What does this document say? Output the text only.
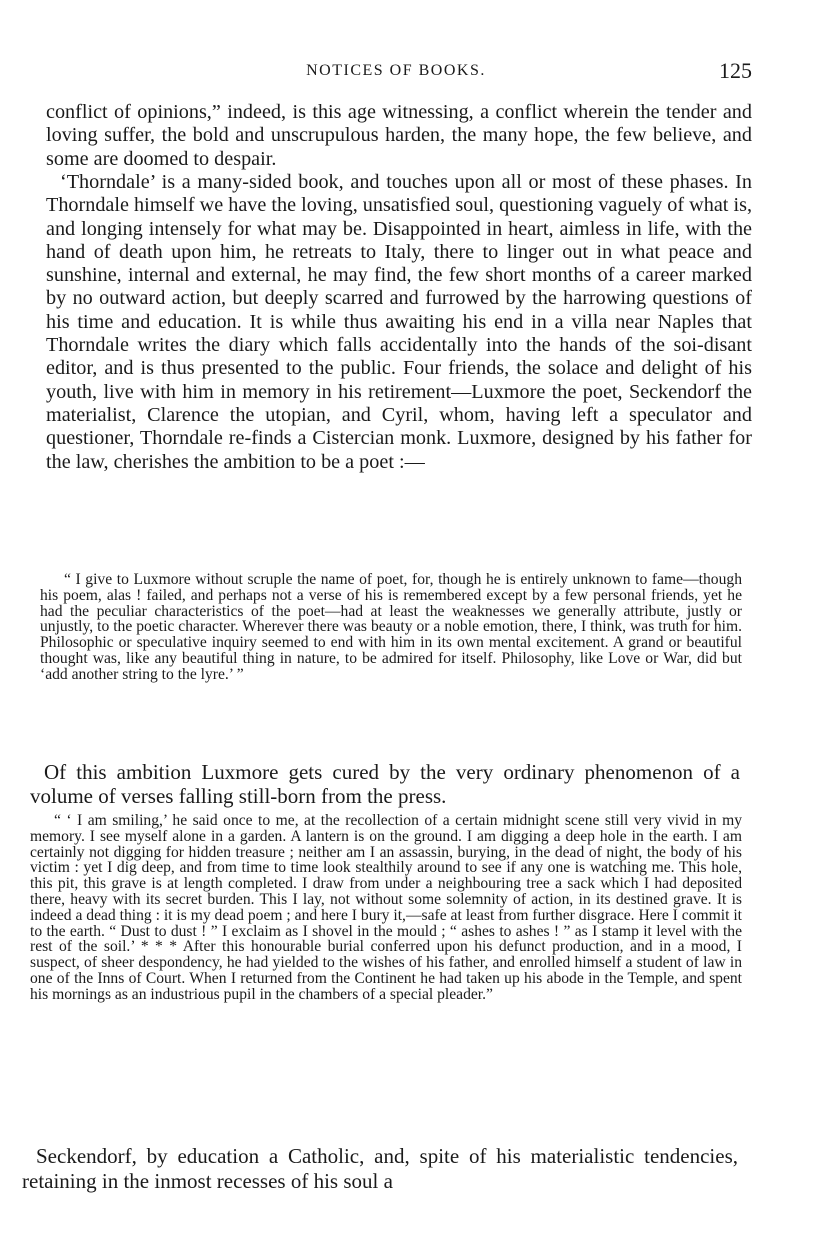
NOTICES OF BOOKS.	125

conflict of opinions,” indeed, is this age witnessing, a conflict wherein the tender and loving suffer, the bold and unscrupulous harden, the many hope, the few believe, and some are doomed to despair.

‘Thorndale’ is a many-sided book, and touches upon all or most of these phases. In Thorndale himself we have the loving, unsatisfied soul, questioning vaguely of what is, and longing intensely for what may be. Disappointed in heart, aimless in life, with the hand of death upon him, he retreats to Italy, there to linger out in what peace and sunshine, internal and external, he may find, the few short months of a career marked by no outward action, but deeply scarred and furrowed by the harrowing questions of his time and education. It is while thus awaiting his end in a villa near Naples that Thorndale writes the diary which falls accidentally into the hands of the soi-disant editor, and is thus presented to the public. Four friends, the solace and delight of his youth, live with him in memory in his retirement—Luxmore the poet, Seckendorf the materialist, Clarence the utopian, and Cyril, whom, having left a speculator and questioner, Thorndale re-finds a Cistercian monk. Luxmore, designed by his father for the law, cherishes the ambition to be a poet :—

“ I give to Luxmore without scruple the name of poet, for, though he is entirely unknown to fame—though his poem, alas ! failed, and perhaps not a verse of his is remembered except by a few personal friends, yet he had the peculiar characteristics of the poet—had at least the weaknesses we generally attribute, justly or unjustly, to the poetic character. Wherever there was beauty or a noble emotion, there, I think, was truth for him. Philosophic or speculative inquiry seemed to end with him in its own mental excitement. A grand or beautiful thought was, like any beautiful thing in nature, to be admired for itself. Philosophy, like Love or War, did but ‘add another string to the lyre.’ ”

Of this ambition Luxmore gets cured by the very ordinary phenomenon of a volume of verses falling still-born from the press.

“ ‘ I am smiling,’ he said once to me, at the recollection of a certain midnight scene still very vivid in my memory. I see myself alone in a garden. A lantern is on the ground. I am digging a deep hole in the earth. I am certainly not digging for hidden treasure ; neither am I an assassin, burying, in the dead of night, the body of his victim : yet I dig deep, and from time to time look stealthily around to see if any one is watching me. This hole, this pit, this grave is at length completed. I draw from under a neighbouring tree a sack which I had deposited there, heavy with its secret burden. This I lay, not without some solemnity of action, in its destined grave. It is indeed a dead thing : it is my dead poem ; and here I bury it,—safe at least from further disgrace. Here I commit it to the earth. “ Dust to dust ! ” I exclaim as I shovel in the mould ; “ ashes to ashes ! ” as I stamp it level with the rest of the soil.’ * * * After this honourable burial conferred upon his defunct production, and in a mood, I suspect, of sheer despondency, he had yielded to the wishes of his father, and enrolled himself a student of law in one of the Inns of Court. When I returned from the Continent he had taken up his abode in the Temple, and spent his mornings as an industrious pupil in the chambers of a special pleader.”

Seckendorf, by education a Catholic, and, spite of his materialistic tendencies, retaining in the inmost recesses of his soul a
